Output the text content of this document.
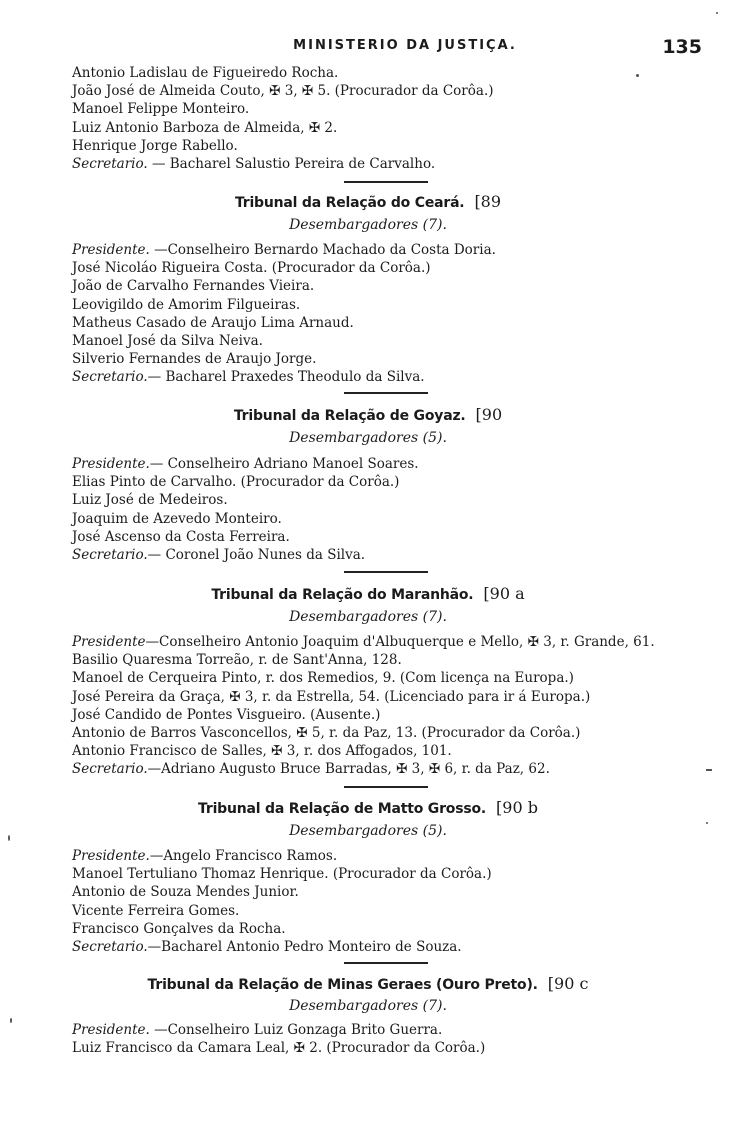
MINISTERIO DA JUSTIÇA.	135
Antonio Ladislau de Figueiredo Rocha.
João José de Almeida Couto, ✠ 3, ✠ 5. (Procurador da Corôa.)
Manoel Felippe Monteiro.
Luiz Antonio Barboza de Almeida, ✠ 2.
Henrique Jorge Rabello.
Secretario. — Bacharel Salustio Pereira de Carvalho.
Tribunal da Relação do Ceará. [89
Desembargadores (7).
Presidente. —Conselheiro Bernardo Machado da Costa Doria.
José Nicoláo Rigueira Costa. (Procurador da Corôa.)
João de Carvalho Fernandes Vieira.
Leovigildo de Amorim Filgueiras.
Matheus Casado de Araujo Lima Arnaud.
Manoel José da Silva Neiva.
Silverio Fernandes de Araujo Jorge.
Secretario.— Bacharel Praxedes Theodulo da Silva.
Tribunal da Relação de Goyaz. [90
Desembargadores (5).
Presidente.— Conselheiro Adriano Manoel Soares.
Elias Pinto de Carvalho. (Procurador da Corôa.)
Luiz José de Medeiros.
Joaquim de Azevedo Monteiro.
José Ascenso da Costa Ferreira.
Secretario.— Coronel João Nunes da Silva.
Tribunal da Relação do Maranhão. [90 a
Desembargadores (7).
Presidente—Conselheiro Antonio Joaquim d'Albuquerque e Mello, ✠ 3, r. Grande, 61.
Basilio Quaresma Torreão, r. de Sant'Anna, 128.
Manoel de Cerqueira Pinto, r. dos Remedios, 9. (Com licença na Europa.)
José Pereira da Graça, ✠ 3, r. da Estrella, 54. (Licenciado para ir á Europa.)
José Candido de Pontes Visgueiro. (Ausente.)
Antonio de Barros Vasconcellos, ✠ 5, r. da Paz, 13. (Procurador da Corôa.)
Antonio Francisco de Salles, ✠ 3, r. dos Affogados, 101.
Secretario.—Adriano Augusto Bruce Barradas, ✠ 3, ✠ 6, r. da Paz, 62.
Tribunal da Relação de Matto Grosso. [90 b
Desembargadores (5).
Presidente.—Angelo Francisco Ramos.
Manoel Tertuliano Thomaz Henrique. (Procurador da Corôa.)
Antonio de Souza Mendes Junior.
Vicente Ferreira Gomes.
Francisco Gonçalves da Rocha.
Secretario.—Bacharel Antonio Pedro Monteiro de Souza.
Tribunal da Relação de Minas Geraes (Ouro Preto). [90 c
Desembargadores (7).
Presidente. —Conselheiro Luiz Gonzaga Brito Guerra.
Luiz Francisco da Camara Leal, ✠ 2. (Procurador da Corôa.)
